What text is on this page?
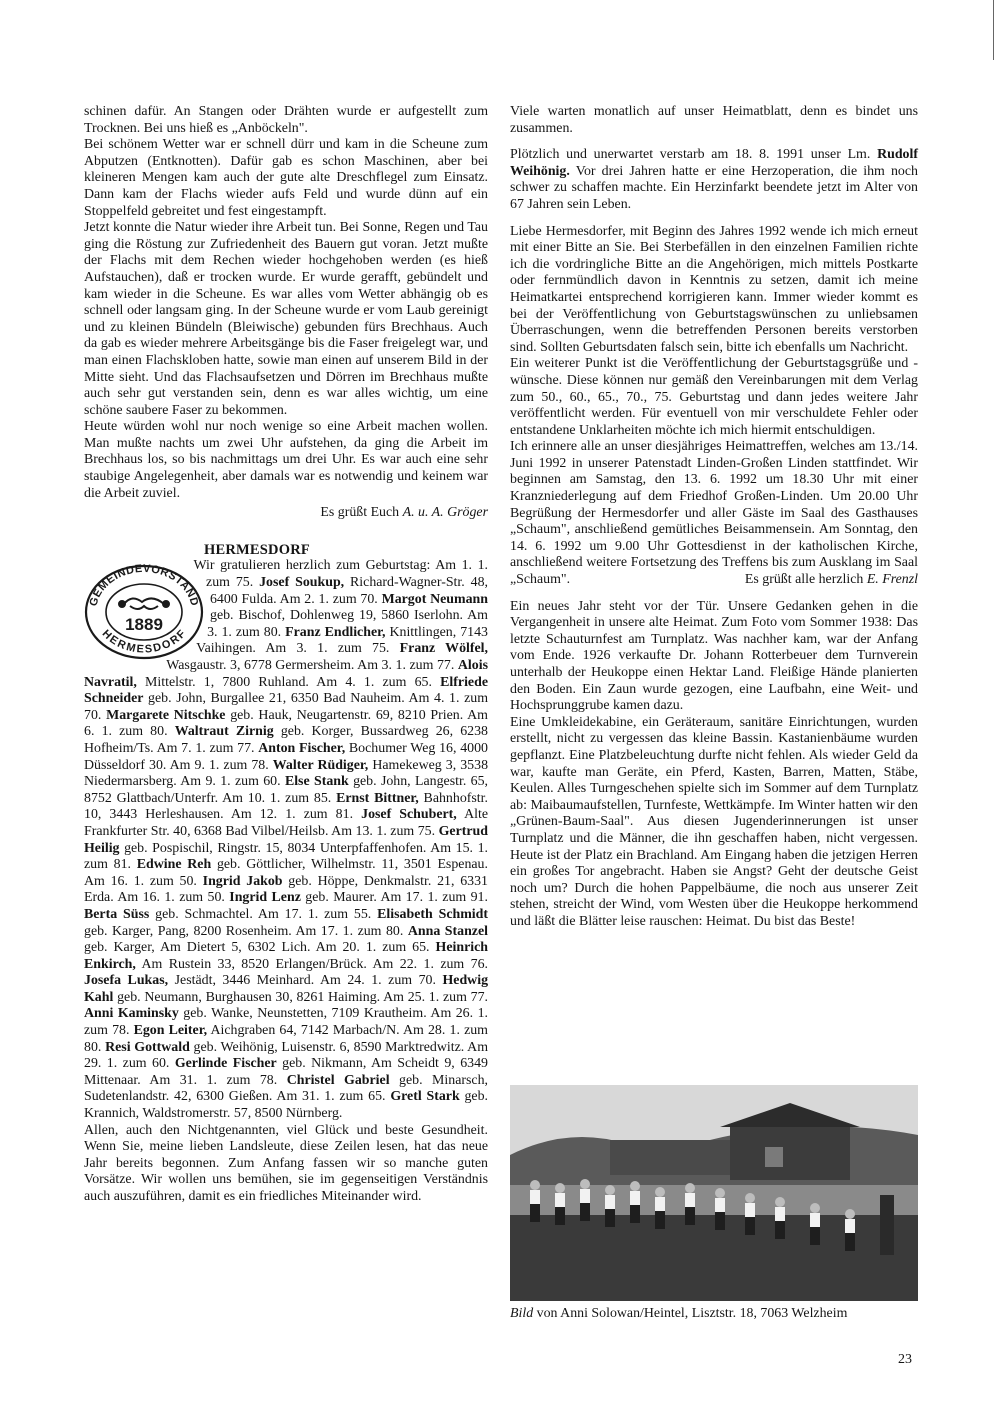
schinen dafür. An Stangen oder Drähten wurde er aufgestellt zum Trocknen. Bei uns hieß es „Anböckeln".

Bei schönem Wetter war er schnell dürr und kam in die Scheune zum Abputzen (Entknotten). Dafür gab es schon Maschinen, aber bei kleineren Mengen kam auch der gute alte Dreschflegel zum Einsatz. Dann kam der Flachs wieder aufs Feld und wurde dünn auf ein Stoppelfeld gebreitet und fest eingestampft.

Jetzt konnte die Natur wieder ihre Arbeit tun. Bei Sonne, Regen und Tau ging die Röstung zur Zufriedenheit des Bauern gut voran. Jetzt mußte der Flachs mit dem Rechen wieder hochgehoben werden (es hieß Aufstauchen), daß er trocken wurde. Er wurde gerafft, gebündelt und kam wieder in die Scheune. Es war alles vom Wetter abhängig ob es schnell oder langsam ging. In der Scheune wurde er vom Laub gereinigt und zu kleinen Bündeln (Bleiwische) gebunden fürs Brechhaus. Auch da gab es wieder mehrere Arbeitsgänge bis die Faser freigelegt war, und man einen Flachskloben hatte, sowie man einen auf unserem Bild in der Mitte sieht. Und das Flachsaufsetzen und Dörren im Brechhaus mußte auch sehr gut verstanden sein, denn es war alles wichtig, um eine schöne saubere Faser zu bekommen.

Heute würden wohl nur noch wenige so eine Arbeit machen wollen. Man mußte nachts um zwei Uhr aufstehen, da ging die Arbeit im Brechhaus los, so bis nachmittags um drei Uhr. Es war auch eine sehr staubige Angelegenheit, aber damals war es notwendig und keinem war die Arbeit zuviel.

Es grüßt Euch A. u. A. Gröger

HERMESDORF
GEMEINDEVORSTAND
HERMESDORF
1889

Wir gratulieren herzlich zum Geburtstag: Am 1. 1. zum 75. Josef Soukup, Richard-Wagner-Str. 48, 6400 Fulda. Am 2. 1. zum 70. Margot Neumann geb. Bischof, Dohlenweg 19, 5860 Iserlohn. Am 3. 1. zum 80. Franz Endlicher, Knittlingen, 7143 Vaihingen. Am 3. 1. zum 75. Franz Wölfel, Wasgaustr. 3, 6778 Germersheim. Am 3. 1. zum 77. Alois Navratil, Mittelstr. 1, 7800 Ruhland. Am 4. 1. zum 65. Elfriede Schneider geb. John, Burgallee 21, 6350 Bad Nauheim. Am 4. 1. zum 70. Margarete Nitschke geb. Hauk, Neugartenstr. 69, 8210 Prien. Am 6. 1. zum 80. Waltraut Zirnig geb. Korger, Bussardweg 26, 6238 Hofheim/Ts. Am 7. 1. zum 77. Anton Fischer, Bochumer Weg 16, 4000 Düsseldorf 30. Am 9. 1. zum 78. Walter Rüdiger, Hamekeweg 3, 3538 Niedermarsberg. Am 9. 1. zum 60. Else Stank geb. John, Langestr. 65, 8752 Glattbach/Unterfr. Am 10. 1. zum 85. Ernst Bittner, Bahnhofstr. 10, 3443 Herleshausen. Am 12. 1. zum 81. Josef Schubert, Alte Frankfurter Str. 40, 6368 Bad Vilbel/Heilsb. Am 13. 1. zum 75. Gertrud Heilig geb. Pospischil, Ringstr. 15, 8034 Unterpfaffenhofen. Am 15. 1. zum 81. Edwine Reh geb. Göttlicher, Wilhelmstr. 11, 3501 Espenau. Am 16. 1. zum 50. Ingrid Jakob geb. Höppe, Denkmalstr. 21, 6331 Erda. Am 16. 1. zum 50. Ingrid Lenz geb. Maurer. Am 17. 1. zum 91. Berta Süss geb. Schmachtel. Am 17. 1. zum 55. Elisabeth Schmidt geb. Karger, Pang, 8200 Rosenheim. Am 17. 1. zum 80. Anna Stanzel geb. Karger, Am Dietert 5, 6302 Lich. Am 20. 1. zum 65. Heinrich Enkirch, Am Rustein 33, 8520 Erlangen/Brück. Am 22. 1. zum 76. Josefa Lukas, Jestädt, 3446 Meinhard. Am 24. 1. zum 70. Hedwig Kahl geb. Neumann, Burghausen 30, 8261 Haiming. Am 25. 1. zum 77. Anni Kaminsky geb. Wanke, Neunstetten, 7109 Krautheim. Am 26. 1. zum 78. Egon Leiter, Aichgraben 64, 7142 Marbach/N. Am 28. 1. zum 80. Resi Gottwald geb. Weihönig, Luisenstr. 6, 8590 Marktredwitz. Am 29. 1. zum 60. Gerlinde Fischer geb. Nikmann, Am Scheidt 9, 6349 Mittenaar. Am 31. 1. zum 78. Christel Gabriel geb. Minarsch, Sudetenlandstr. 42, 6300 Gießen. Am 31. 1. zum 65. Gretl Stark geb. Krannich, Waldstromerstr. 57, 8500 Nürnberg.

Allen, auch den Nichtgenannten, viel Glück und beste Gesundheit. Wenn Sie, meine lieben Landsleute, diese Zeilen lesen, hat das neue Jahr bereits begonnen. Zum Anfang fassen wir so manche guten Vorsätze. Wir wollen uns bemühen, sie im gegenseitigen Verständnis auch auszuführen, damit es ein friedliches Miteinander wird.

Viele warten monatlich auf unser Heimatblatt, denn es bindet uns zusammen.

Plötzlich und unerwartet verstarb am 18. 8. 1991 unser Lm. Rudolf Weihönig. Vor drei Jahren hatte er eine Herzoperation, die ihm noch schwer zu schaffen machte. Ein Herzinfarkt beendete jetzt im Alter von 67 Jahren sein Leben.

Liebe Hermesdorfer, mit Beginn des Jahres 1992 wende ich mich erneut mit einer Bitte an Sie. Bei Sterbefällen in den einzelnen Familien richte ich die vordringliche Bitte an die Angehörigen, mich mittels Postkarte oder fernmündlich davon in Kenntnis zu setzen, damit ich meine Heimatkartei entsprechend korrigieren kann. Immer wieder kommt es bei der Veröffentlichung von Geburtstagswünschen zu unliebsamen Überraschungen, wenn die betreffenden Personen bereits verstorben sind. Sollten Geburtsdaten falsch sein, bitte ich ebenfalls um Nachricht.

Ein weiterer Punkt ist die Veröffentlichung der Geburtstagsgrüße und -wünsche. Diese können nur gemäß den Vereinbarungen mit dem Verlag zum 50., 60., 65., 70., 75. Geburtstag und dann jedes weitere Jahr veröffentlicht werden. Für eventuell von mir verschuldete Fehler oder entstandene Unklarheiten möchte ich mich hiermit entschuldigen.

Ich erinnere alle an unser diesjähriges Heimattreffen, welches am 13./14. Juni 1992 in unserer Patenstadt Linden-Großen Linden stattfindet. Wir beginnen am Samstag, den 13. 6. 1992 um 18.30 Uhr mit einer Kranzniederlegung auf dem Friedhof Großen-Linden. Um 20.00 Uhr Begrüßung der Hermesdorfer und aller Gäste im Saal des Gasthauses „Schaum", anschließend gemütliches Beisammensein. Am Sonntag, den 14. 6. 1992 um 9.00 Uhr Gottesdienst in der katholischen Kirche, anschließend weitere Fortsetzung des Treffens bis zum Ausklang im Saal „Schaum".	Es grüßt alle herzlich E. Frenzl

Ein neues Jahr steht vor der Tür. Unsere Gedanken gehen in die Vergangenheit in unsere alte Heimat. Zum Foto vom Sommer 1938: Das letzte Schauturnfest am Turnplatz. Was nachher kam, war der Anfang vom Ende. 1926 verkaufte Dr. Johann Rotterbeuer dem Turnverein unterhalb der Heukoppe einen Hektar Land. Fleißige Hände planierten den Boden. Ein Zaun wurde gezogen, eine Laufbahn, eine Weit- und Hochsprunggrube kamen dazu.

Eine Umkleidekabine, ein Geräteraum, sanitäre Einrichtungen, wurden erstellt, nicht zu vergessen das kleine Bassin. Kastanienbäume wurden gepflanzt. Eine Platzbeleuchtung durfte nicht fehlen. Als wieder Geld da war, kaufte man Geräte, ein Pferd, Kasten, Barren, Matten, Stäbe, Keulen. Alles Turngeschehen spielte sich im Sommer auf dem Turnplatz ab: Maibaumaufstellen, Turnfeste, Wettkämpfe. Im Winter hatten wir den „Grünen-Baum-Saal". Aus diesen Jugenderinnerungen ist unser Turnplatz und die Männer, die ihn geschaffen haben, nicht vergessen. Heute ist der Platz ein Brachland. Am Eingang haben die jetzigen Herren ein großes Tor angebracht. Haben sie Angst? Geht der deutsche Geist noch um? Durch die hohen Pappelbäume, die noch aus unserer Zeit stehen, streicht der Wind, vom Westen über die Heukoppe herkommend und läßt die Blätter leise rauschen: Heimat. Du bist das Beste!

Bild von Anni Solowan/Heintel, Lisztstr. 18, 7063 Welzheim
23
